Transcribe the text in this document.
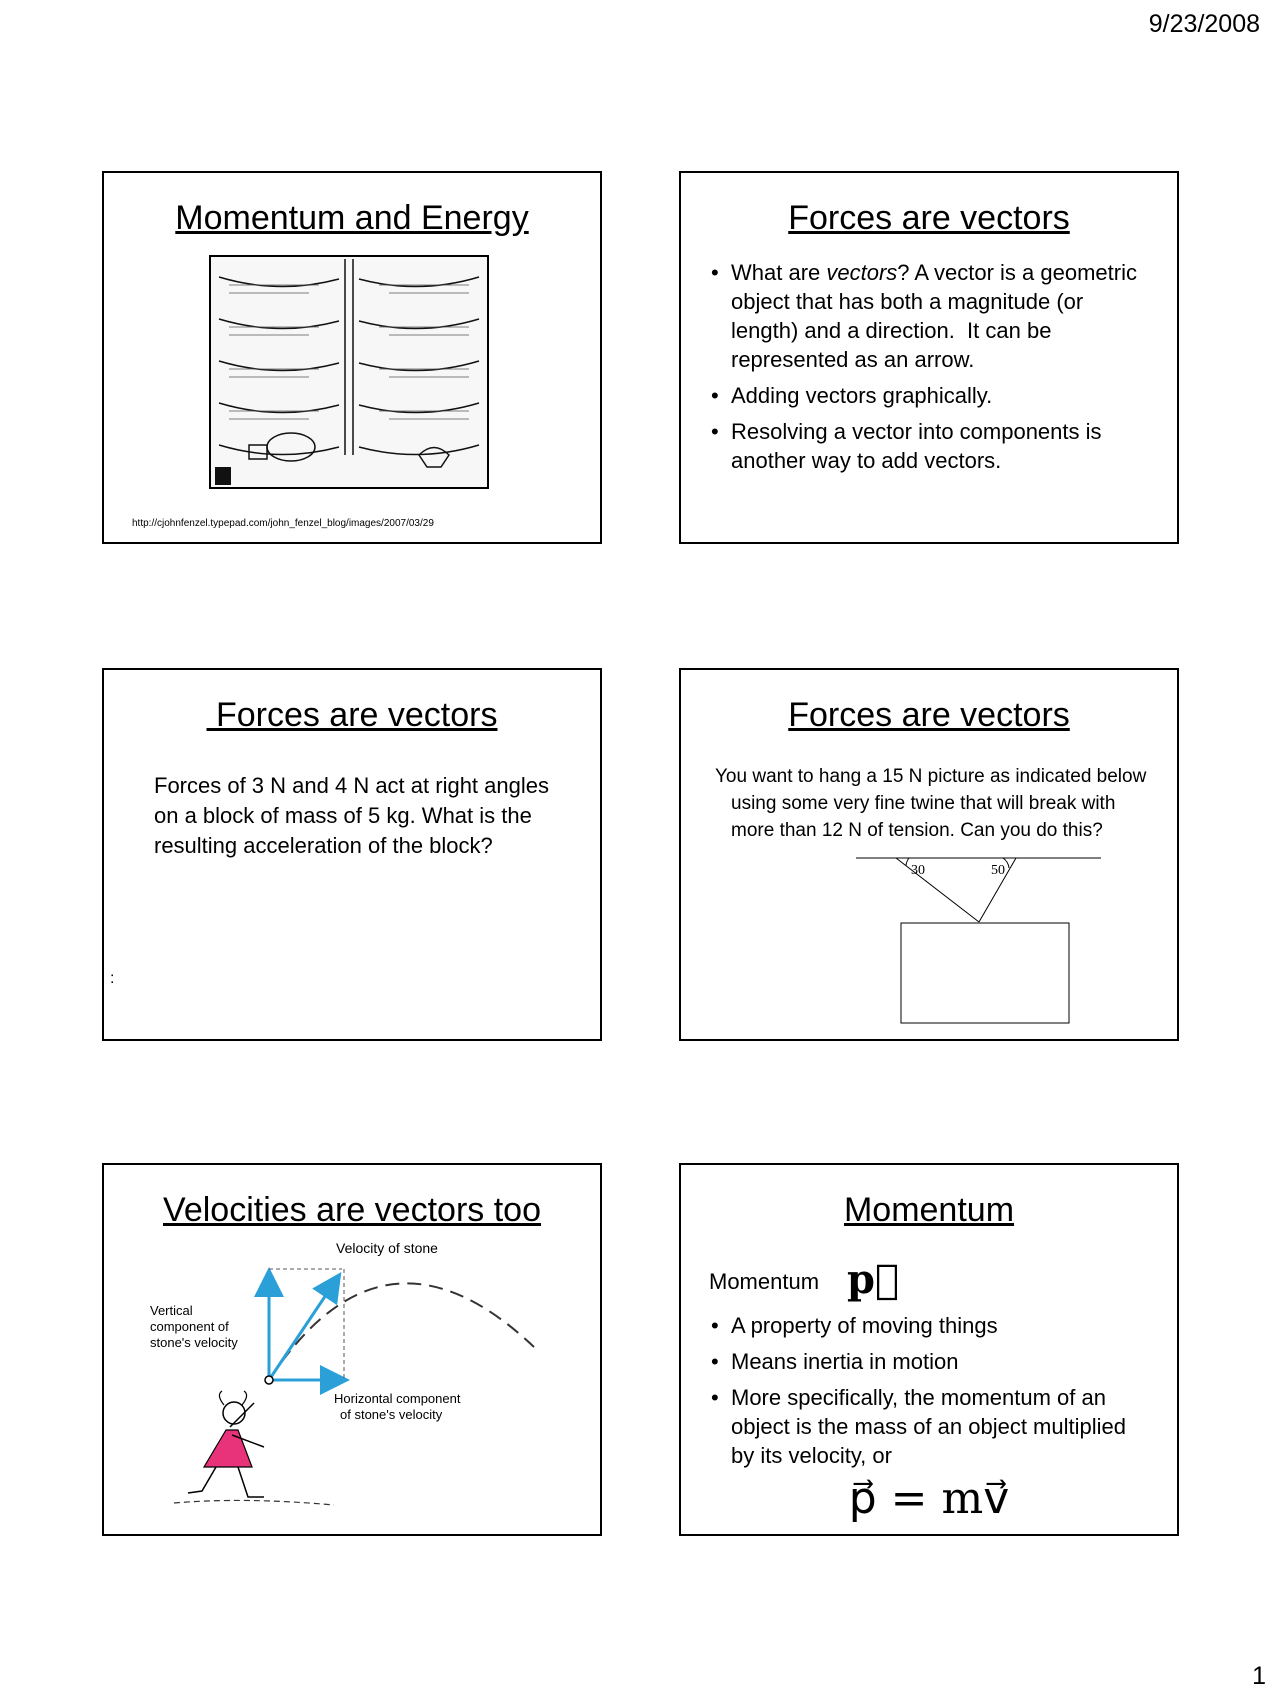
9/23/2008
Momentum and Energy
http://cjohnfenzel.typepad.com/john_fenzel_blog/images/2007/03/29
Forces are vectors
• What are vectors? A vector is a geometric object that has both a magnitude (or length) and a direction.  It can be represented as an arrow.
• Adding vectors graphically.
• Resolving a vector into components is another way to add vectors.
Forces are vectors
Forces of 3 N and 4 N act at right angles on a block of mass of 5 kg. What is the resulting acceleration of the block?
:
Forces are vectors
You want to hang a 15 N picture as indicated below using some very fine twine that will break with more than 12 N of tension. Can you do this?
30	50
Velocities are vectors too
Velocity of stone
Vertical component of stone's velocity
Horizontal component of stone's velocity
Momentum
Momentum p⃗
• A property of moving things
• Means inertia in motion
• More specifically, the momentum of an object is the mass of an object multiplied by its velocity, or
p⃗ = mv⃗
1
